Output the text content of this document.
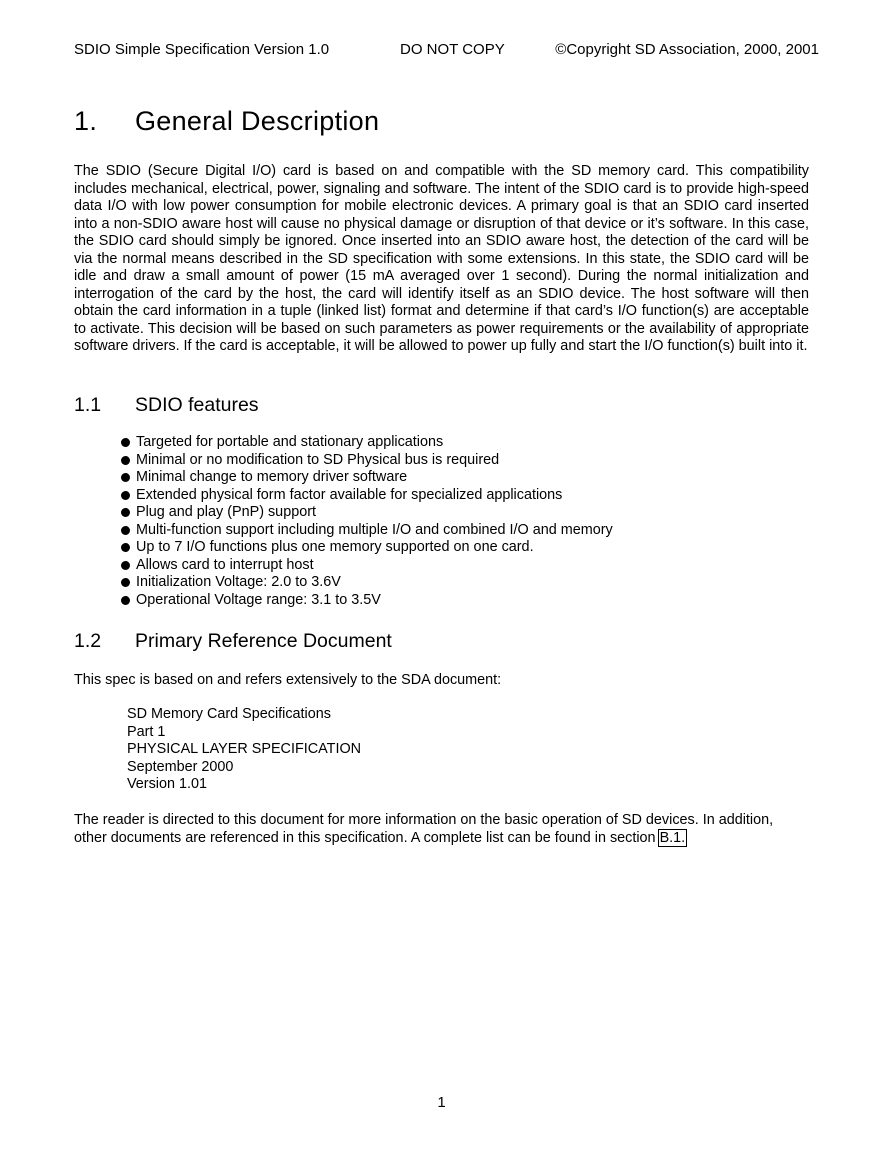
SDIO Simple Specification Version 1.0	DO NOT COPY	©Copyright SD Association, 2000, 2001
1. General Description

The SDIO (Secure Digital I/O) card is based on and compatible with the SD memory card. This compatibility includes mechanical, electrical, power, signaling and software. The intent of the SDIO card is to provide high-speed data I/O with low power consumption for mobile electronic devices. A primary goal is that an SDIO card inserted into a non-SDIO aware host will cause no physical damage or disruption of that device or it’s software. In this case, the SDIO card should simply be ignored. Once inserted into an SDIO aware host, the detection of the card will be via the normal means described in the SD specification with some extensions. In this state, the SDIO card will be idle and draw a small amount of power (15 mA averaged over 1 second). During the normal initialization and interrogation of the card by the host, the card will identify itself as an SDIO device. The host software will then obtain the card information in a tuple (linked list) format and determine if that card’s I/O function(s) are acceptable to activate. This decision will be based on such parameters as power requirements or the availability of appropriate software drivers. If the card is acceptable, it will be allowed to power up fully and start the I/O function(s) built into it.

1.1 SDIO features
Targeted for portable and stationary applications
Minimal or no modification to SD Physical bus is required
Minimal change to memory driver software
Extended physical form factor available for specialized applications
Plug and play (PnP) support
Multi-function support including multiple I/O and combined I/O and memory
Up to 7 I/O functions plus one memory supported on one card.
Allows card to interrupt host
Initialization Voltage: 2.0 to 3.6V
Operational Voltage range: 3.1 to 3.5V
1.2 Primary Reference Document

This spec is based on and refers extensively to the SDA document:

SD Memory Card Specifications
Part 1
PHYSICAL LAYER SPECIFICATION
September 2000
Version 1.01

The reader is directed to this document for more information on the basic operation of SD devices. In addition, other documents are referenced in this specification. A complete list can be found in section B.1.

1
